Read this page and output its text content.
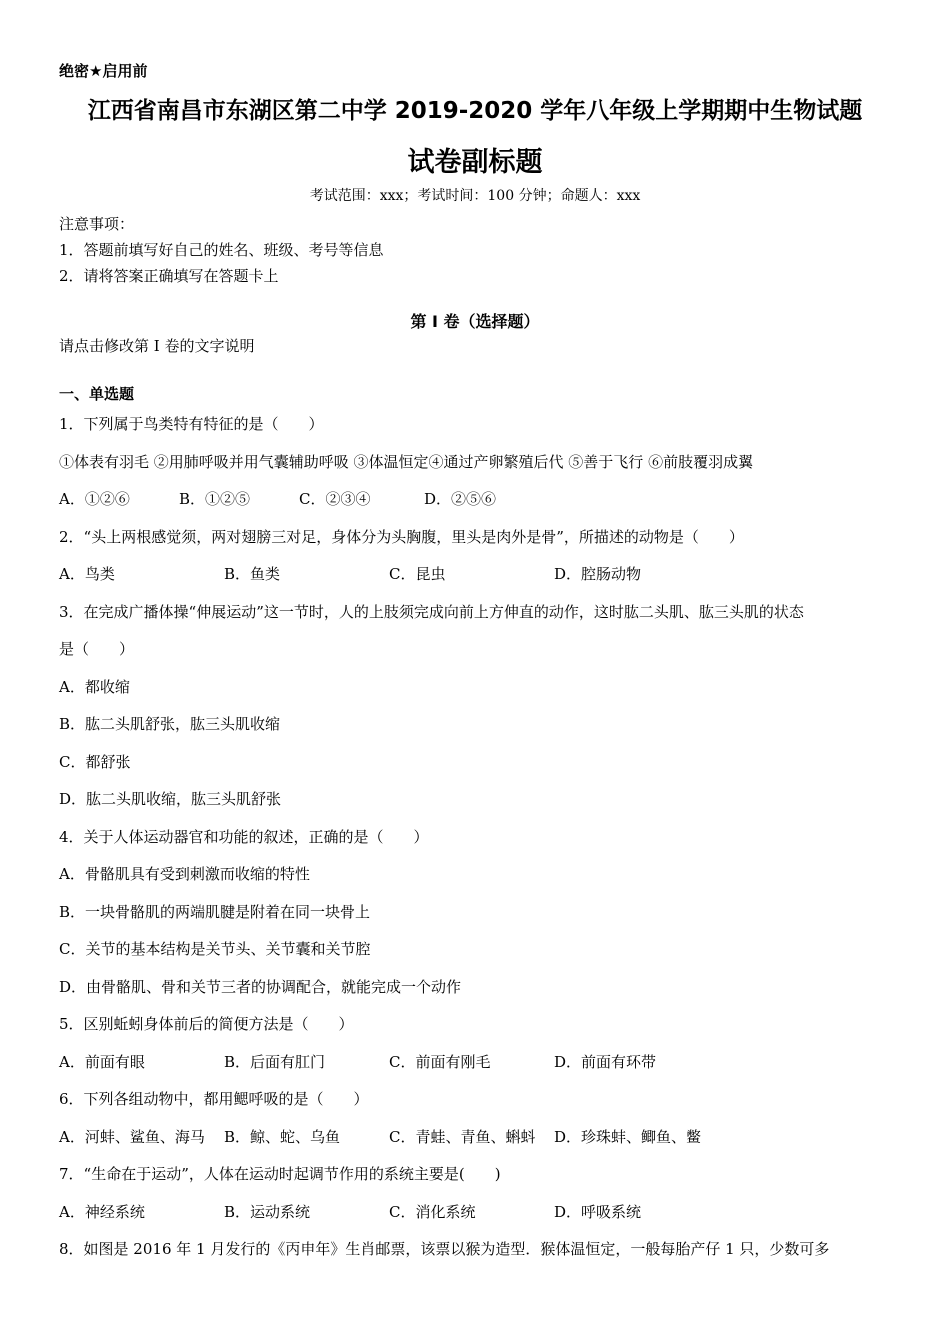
绝密★启用前
江西省南昌市东湖区第二中学 2019-2020 学年八年级上学期期中生物试题
试卷副标题
考试范围：xxx；考试时间：100 分钟；命题人：xxx
注意事项：
1．答题前填写好自己的姓名、班级、考号等信息
2．请将答案正确填写在答题卡上
第 I 卷（选择题）
请点击修改第 I 卷的文字说明
一、单选题
1．下列属于鸟类特有特征的是（　　）
①体表有羽毛 ②用肺呼吸并用气囊辅助呼吸 ③体温恒定④通过产卵繁殖后代 ⑤善于飞行 ⑥前肢覆羽成翼
A．①②⑥	B．①②⑤	C．②③④	D．②⑤⑥
2．“头上两根感觉须，两对翅膀三对足，身体分为头胸腹，里头是肉外是骨”，所描述的动物是（　　）
A．鸟类	B．鱼类	C．昆虫	D．腔肠动物
3．在完成广播体操“伸展运动”这一节时，人的上肢须完成向前上方伸直的动作，这时肱二头肌、肱三头肌的状态
是（　　）
A．都收缩
B．肱二头肌舒张，肱三头肌收缩
C．都舒张
D．肱二头肌收缩，肱三头肌舒张
4．关于人体运动器官和功能的叙述，正确的是（　　）
A．骨骼肌具有受到刺激而收缩的特性
B．一块骨骼肌的两端肌腱是附着在同一块骨上
C．关节的基本结构是关节头、关节囊和关节腔
D．由骨骼肌、骨和关节三者的协调配合，就能完成一个动作
5．区别蚯蚓身体前后的简便方法是（　　）
A．前面有眼	B．后面有肛门	C．前面有刚毛	D．前面有环带
6．下列各组动物中，都用鳃呼吸的是（　　）
A．河蚌、鲨鱼、海马	B．鲸、蛇、乌鱼	C．青蛙、青鱼、蝌蚪	D．珍珠蚌、鲫鱼、鳖
7．“生命在于运动”，人体在运动时起调节作用的系统主要是(　　)
A．神经系统	B．运动系统	C．消化系统	D．呼吸系统
8．如图是 2016 年 1 月发行的《丙申年》生肖邮票，该票以猴为造型．猴体温恒定，一般每胎产仔 1 只，少数可多
